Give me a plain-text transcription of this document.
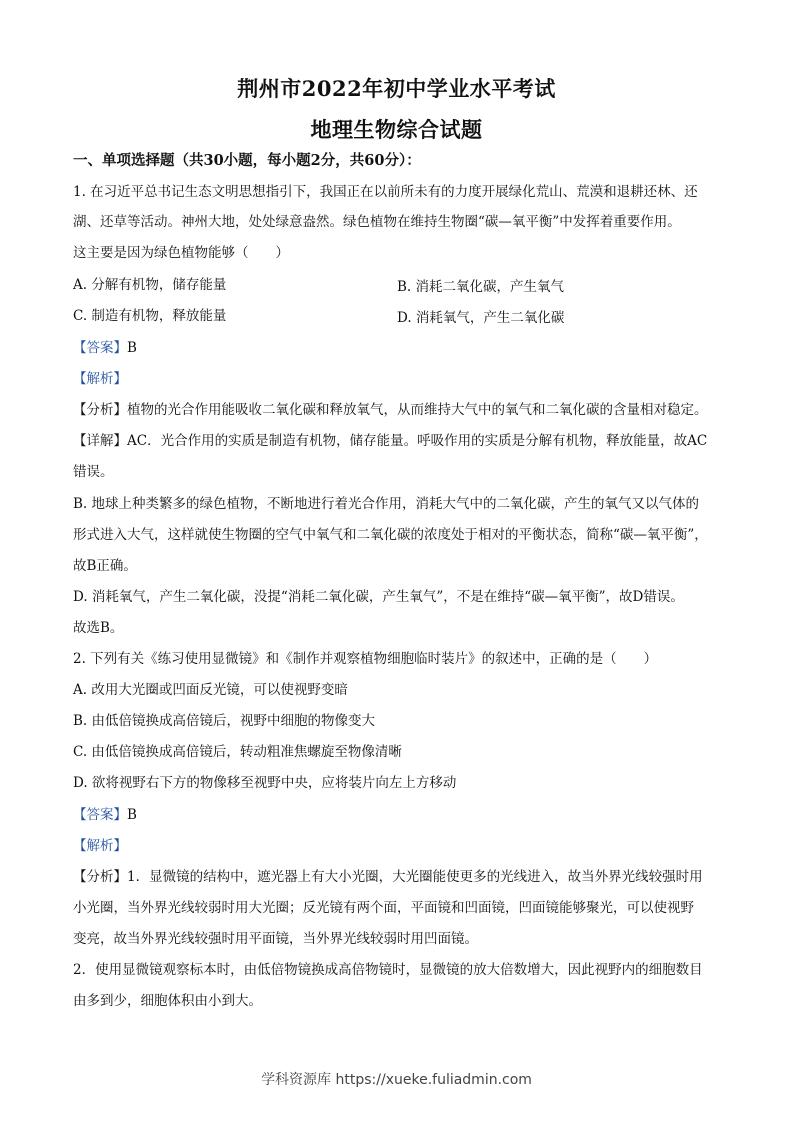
荆州市2022年初中学业水平考试
地理生物综合试题
一、单项选择题（共30小题，每小题2分，共60分）：
1. 在习近平总书记生态文明思想指引下，我国正在以前所未有的力度开展绿化荒山、荒漠和退耕还林、还
湖、还草等活动。神州大地，处处绿意盎然。绿色植物在维持生物圈“碳—氧平衡”中发挥着重要作用。
这主要是因为绿色植物能够（　　）
A. 分解有机物，储存能量	B. 消耗二氧化碳，产生氧气
C. 制造有机物，释放能量	D. 消耗氧气，产生二氧化碳
【答案】B
【解析】
【分析】植物的光合作用能吸收二氧化碳和释放氧气，从而维持大气中的氧气和二氧化碳的含量相对稳定。
【详解】AC．光合作用的实质是制造有机物，储存能量。呼吸作用的实质是分解有机物，释放能量，故AC
错误。
B. 地球上种类繁多的绿色植物，不断地进行着光合作用，消耗大气中的二氧化碳，产生的氧气又以气体的
形式进入大气，这样就使生物圈的空气中氧气和二氧化碳的浓度处于相对的平衡状态，简称“碳—氧平衡”，
故B正确。
D. 消耗氧气，产生二氧化碳，没提“消耗二氧化碳，产生氧气”，不是在维持“碳—氧平衡”，故D错误。
故选B。
2. 下列有关《练习使用显微镜》和《制作并观察植物细胞临时装片》的叙述中，正确的是（　　）
A. 改用大光圈或凹面反光镜，可以使视野变暗
B. 由低倍镜换成高倍镜后，视野中细胞的物像变大
C. 由低倍镜换成高倍镜后，转动粗准焦螺旋至物像清晰
D. 欲将视野右下方的物像移至视野中央，应将装片向左上方移动
【答案】B
【解析】
【分析】1．显微镜的结构中，遮光器上有大小光圈，大光圈能使更多的光线进入，故当外界光线较强时用
小光圈，当外界光线较弱时用大光圈；反光镜有两个面，平面镜和凹面镜，凹面镜能够聚光，可以使视野
变亮，故当外界光线较强时用平面镜，当外界光线较弱时用凹面镜。
2．使用显微镜观察标本时，由低倍物镜换成高倍物镜时，显微镜的放大倍数增大，因此视野内的细胞数目
由多到少，细胞体积由小到大。
学科资源库 https://xueke.fuliadmin.com
